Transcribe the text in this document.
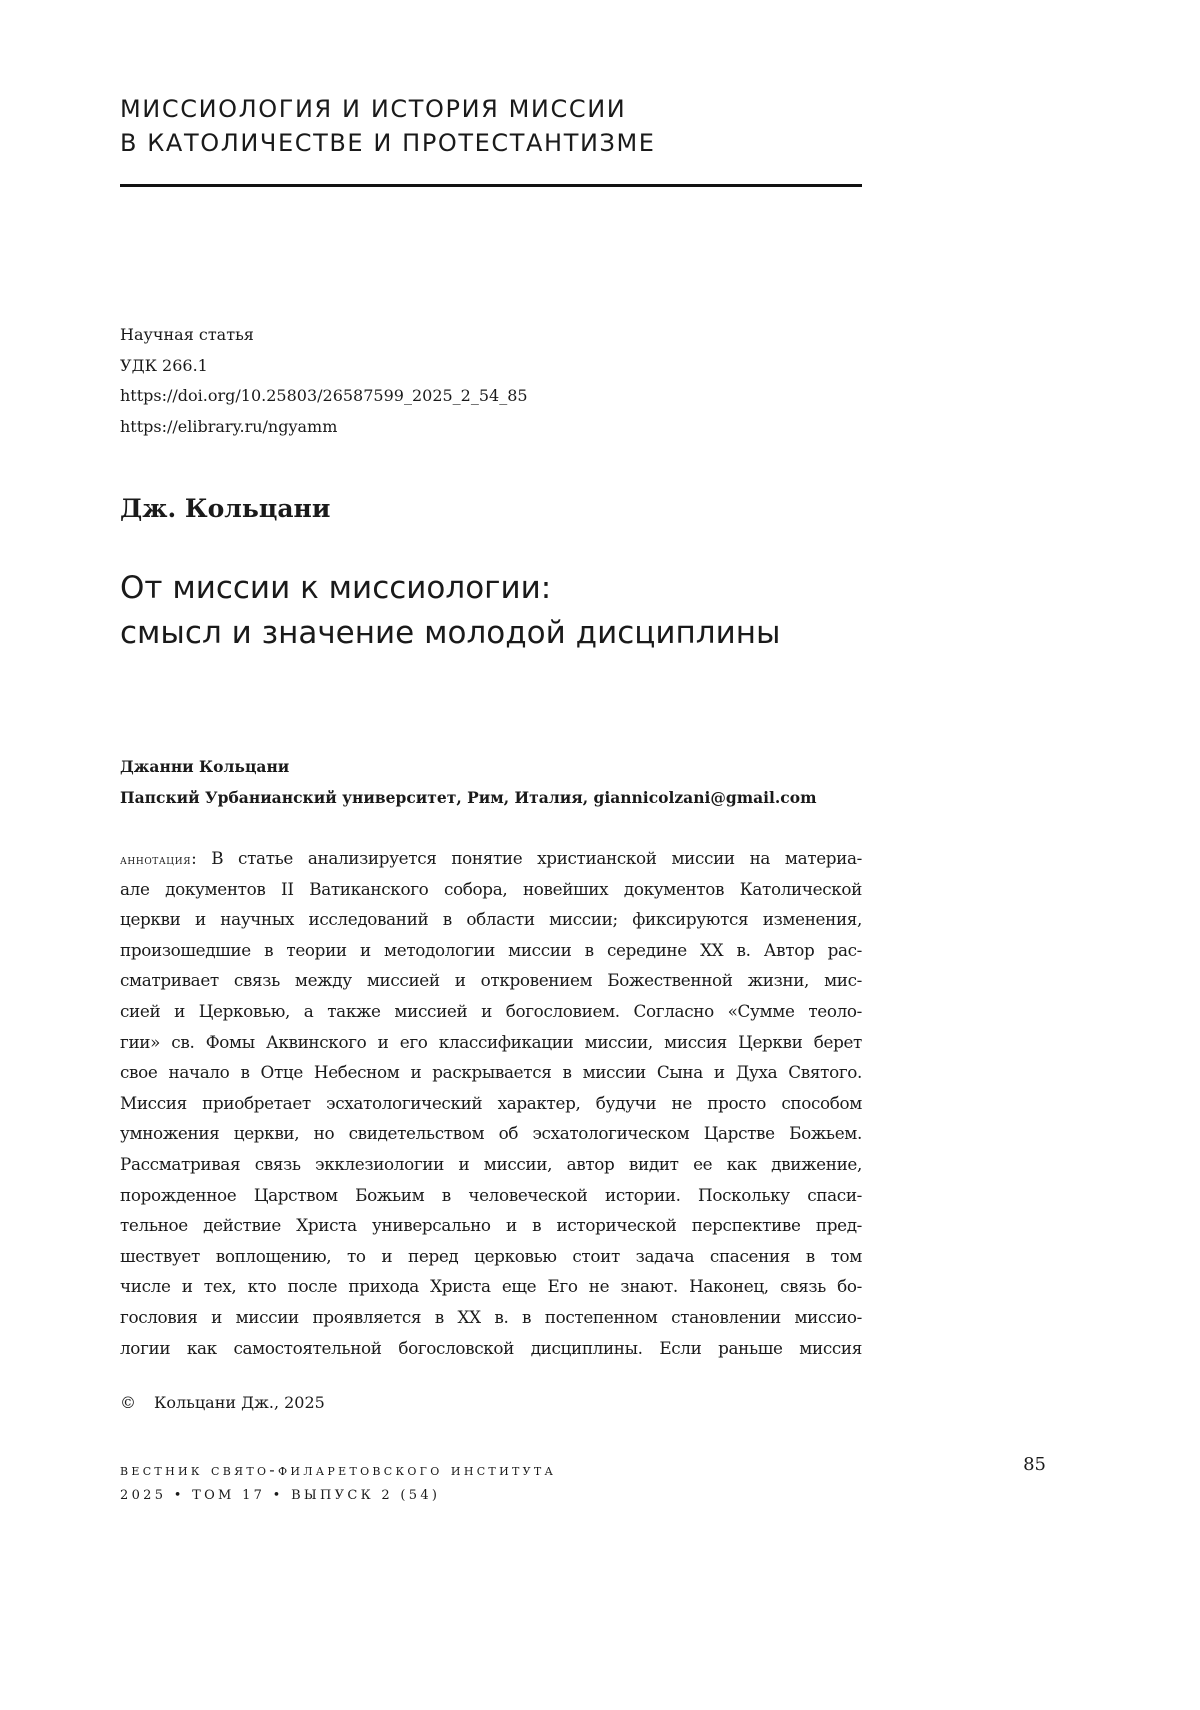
МИССИОЛОГИЯ И ИСТОРИЯ МИССИИ
В КАТОЛИЧЕСТВЕ И ПРОТЕСТАНТИЗМЕ
Научная статья
УДК 266.1
https://doi.org/10.25803/26587599_2025_2_54_85
https://elibrary.ru/ngyamm
Дж. Кольцани
От миссии к миссиологии:
смысл и значение молодой дисциплины
Джанни Кольцани
Папский Урбанианский университет, Рим, Италия, giannicolzani@gmail.com
аннотация: В статье анализируется понятие христианской миссии на материа-
але документов II Ватиканского собора, новейших документов Католической
церкви и научных исследований в области миссии; фиксируются изменения,
произошедшие в теории и методологии миссии в середине XX в. Автор рас-
сматривает связь между миссией и откровением Божественной жизни, мис-
сией и Церковью, а также миссией и богословием. Согласно «Сумме теоло-
гии» св. Фомы Аквинского и его классификации миссии, миссия Церкви берет
свое начало в Отце Небесном и раскрывается в миссии Сына и Духа Святого.
Миссия приобретает эсхатологический характер, будучи не просто способом
умножения церкви, но свидетельством об эсхатологическом Царстве Божьем.
Рассматривая связь экклезиологии и миссии, автор видит ее как движение,
порожденное Царством Божьим в человеческой истории. Поскольку спаси-
тельное действие Христа универсально и в исторической перспективе пред-
шествует воплощению, то и перед церковью стоит задача спасения в том
числе и тех, кто после прихода Христа еще Его не знают. Наконец, связь бо-
гословия и миссии проявляется в XX в. в постепенном становлении миссио-
логии как самостоятельной богословской дисциплины. Если раньше миссия
© Кольцани Дж., 2025
вестник свято-филаретовского института
2025 • ТОМ 17 • ВЫПУСК 2 (54)
85
